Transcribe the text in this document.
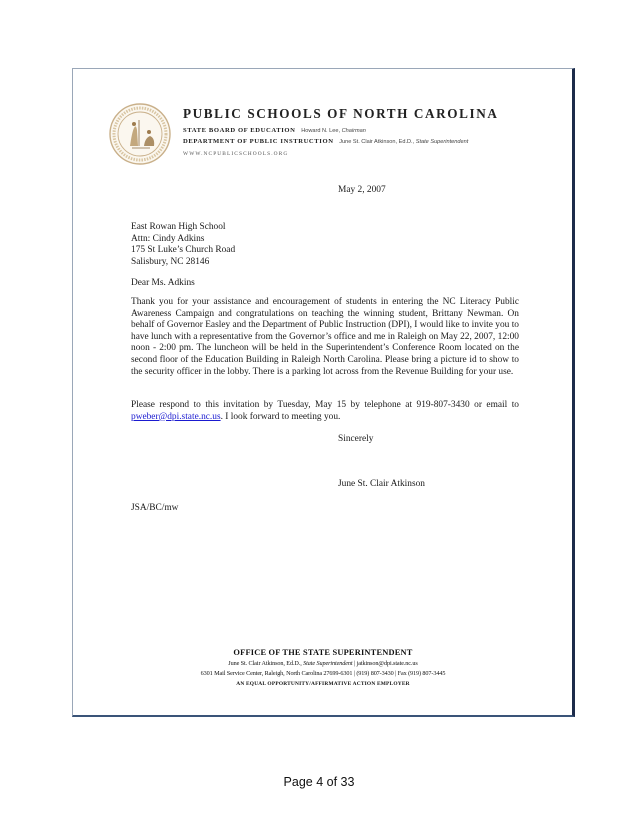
PUBLIC SCHOOLS OF NORTH CAROLINA
STATE BOARD OF EDUCATION Howard N. Lee, Chairman
DEPARTMENT OF PUBLIC INSTRUCTION June St. Clair Atkinson, Ed.D., State Superintendent
WWW.NCPUBLICSCHOOLS.ORG
May 2, 2007
East Rowan High School
Attn: Cindy Adkins
175 St Luke’s Church Road
Salisbury, NC 28146
Dear Ms. Adkins
Thank you for your assistance and encouragement of students in entering the NC Literacy Public Awareness Campaign and congratulations on teaching the winning student, Brittany Newman. On behalf of Governor Easley and the Department of Public Instruction (DPI), I would like to invite you to have lunch with a representative from the Governor’s office and me in Raleigh on May 22, 2007, 12:00 noon - 2:00 pm. The luncheon will be held in the Superintendent’s Conference Room located on the second floor of the Education Building in Raleigh North Carolina. Please bring a picture id to show to the security officer in the lobby. There is a parking lot across from the Revenue Building for your use.
Please respond to this invitation by Tuesday, May 15 by telephone at 919-807-3430 or email to pweber@dpi.state.nc.us. I look forward to meeting you.
Sincerely
June St. Clair Atkinson
JSA/BC/mw
OFFICE OF THE STATE SUPERINTENDENT
June St. Clair Atkinson, Ed.D., State Superintendent | jatkinson@dpi.state.nc.us
6301 Mail Service Center, Raleigh, North Carolina 27699-6301 | (919) 807-3430 | Fax (919) 807-3445
AN EQUAL OPPORTUNITY/AFFIRMATIVE ACTION EMPLOYER
Page 4 of 33
